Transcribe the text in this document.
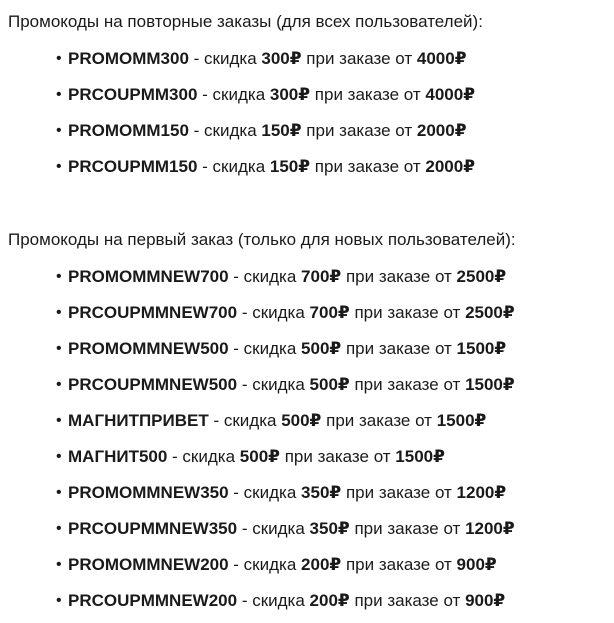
Промокоды на повторные заказы (для всех пользователей):

• PROMOMM300 - скидка 300₽ при заказе от 4000₽
• PRCOUPMM300 - скидка 300₽ при заказе от 4000₽
• PROMOMM150 - скидка 150₽ при заказе от 2000₽
• PRCOUPMM150 - скидка 150₽ при заказе от 2000₽

Промокоды на первый заказ (только для новых пользователей):

• PROMOMMNEW700 - скидка 700₽ при заказе от 2500₽
• PRCOUPMMNEW700 - скидка 700₽ при заказе от 2500₽
• PROMOMMNEW500 - скидка 500₽ при заказе от 1500₽
• PRCOUPMMNEW500 - скидка 500₽ при заказе от 1500₽
• МАГНИТПРИВЕТ - скидка 500₽ при заказе от 1500₽
• МАГНИТ500 - скидка 500₽ при заказе от 1500₽
• PROMOMMNEW350 - скидка 350₽ при заказе от 1200₽
• PRCOUPMMNEW350 - скидка 350₽ при заказе от 1200₽
• PROMOMMNEW200 - скидка 200₽ при заказе от 900₽
• PRCOUPMMNEW200 - скидка 200₽ при заказе от 900₽
